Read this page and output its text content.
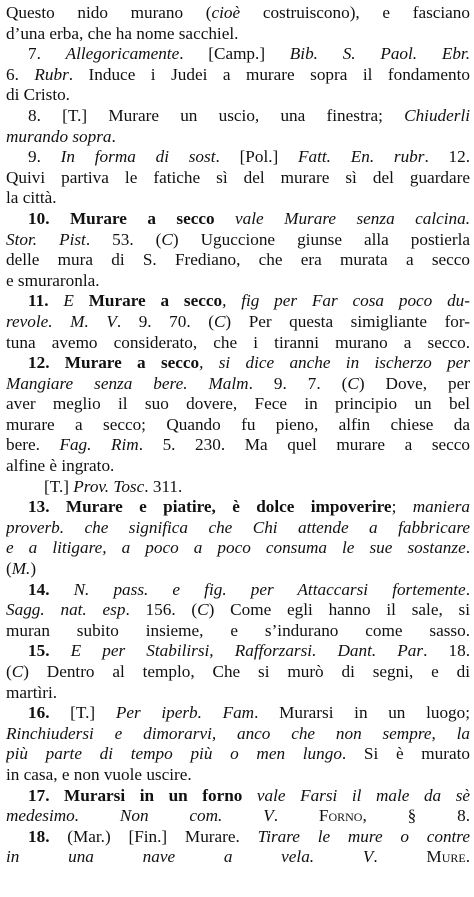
Questo nido murano (cioè costruiscono), e fasciano
d’una erba, che ha nome sacchiel.
7. Allegoricamente. [Camp.] Bib. S. Paol. Ebr.
6. Rubr. Induce i Judei a murare sopra il fondamento
di Cristo.
8. [T.] Murare un uscio, una finestra; Chiuderli
murando sopra.
9. In forma di sost. [Pol.] Fatt. En. rubr. 12.
Quivi partiva le fatiche sì del murare sì del guardare
la città.
10. Murare a secco vale Murare senza calcina.
Stor. Pist. 53. (C) Uguccione giunse alla postierla
delle mura di S. Frediano, che era murata a secco
e smuraronla.
11. E Murare a secco, fig per Far cosa poco du-
revole. M. V. 9. 70. (C) Per questa simigliante for-
tuna avemo considerato, che i tiranni murano a secco.
12. Murare a secco, si dice anche in ischerzo per
Mangiare senza bere. Malm. 9. 7. (C) Dove, per
aver meglio il suo dovere, Fece in principio un bel
murare a secco; Quando fu pieno, alfin chiese da
bere. Fag. Rim. 5. 230. Ma quel murare a secco
alfine è ingrato.
[T.] Prov. Tosc. 311.
13. Murare e piatire, è dolce impoverire; maniera
proverb. che significa che Chi attende a fabbricare
e a litigare, a poco a poco consuma le sue sostanze.
(M.)
14. N. pass. e fig. per Attaccarsi fortemente.
Sagg. nat. esp. 156. (C) Come egli hanno il sale, si
muran subito insieme, e s’indurano come sasso.
15. E per Stabilirsi, Rafforzarsi. Dant. Par. 18.
(C) Dentro al templo, Che si murò di segni, e di
martìri.
16. [T.] Per iperb. Fam. Murarsi in un luogo;
Rinchiudersi e dimorarvi, anco che non sempre, la
più parte di tempo più o men lungo. Si è murato
in casa, e non vuole uscire.
17. Murarsi in un forno vale Farsi il male da sè
medesimo. Non com. V. Forno, § 8.
18. (Mar.) [Fin.] Murare. Tirare le mure o contre
in una nave a vela. V. Mure.
